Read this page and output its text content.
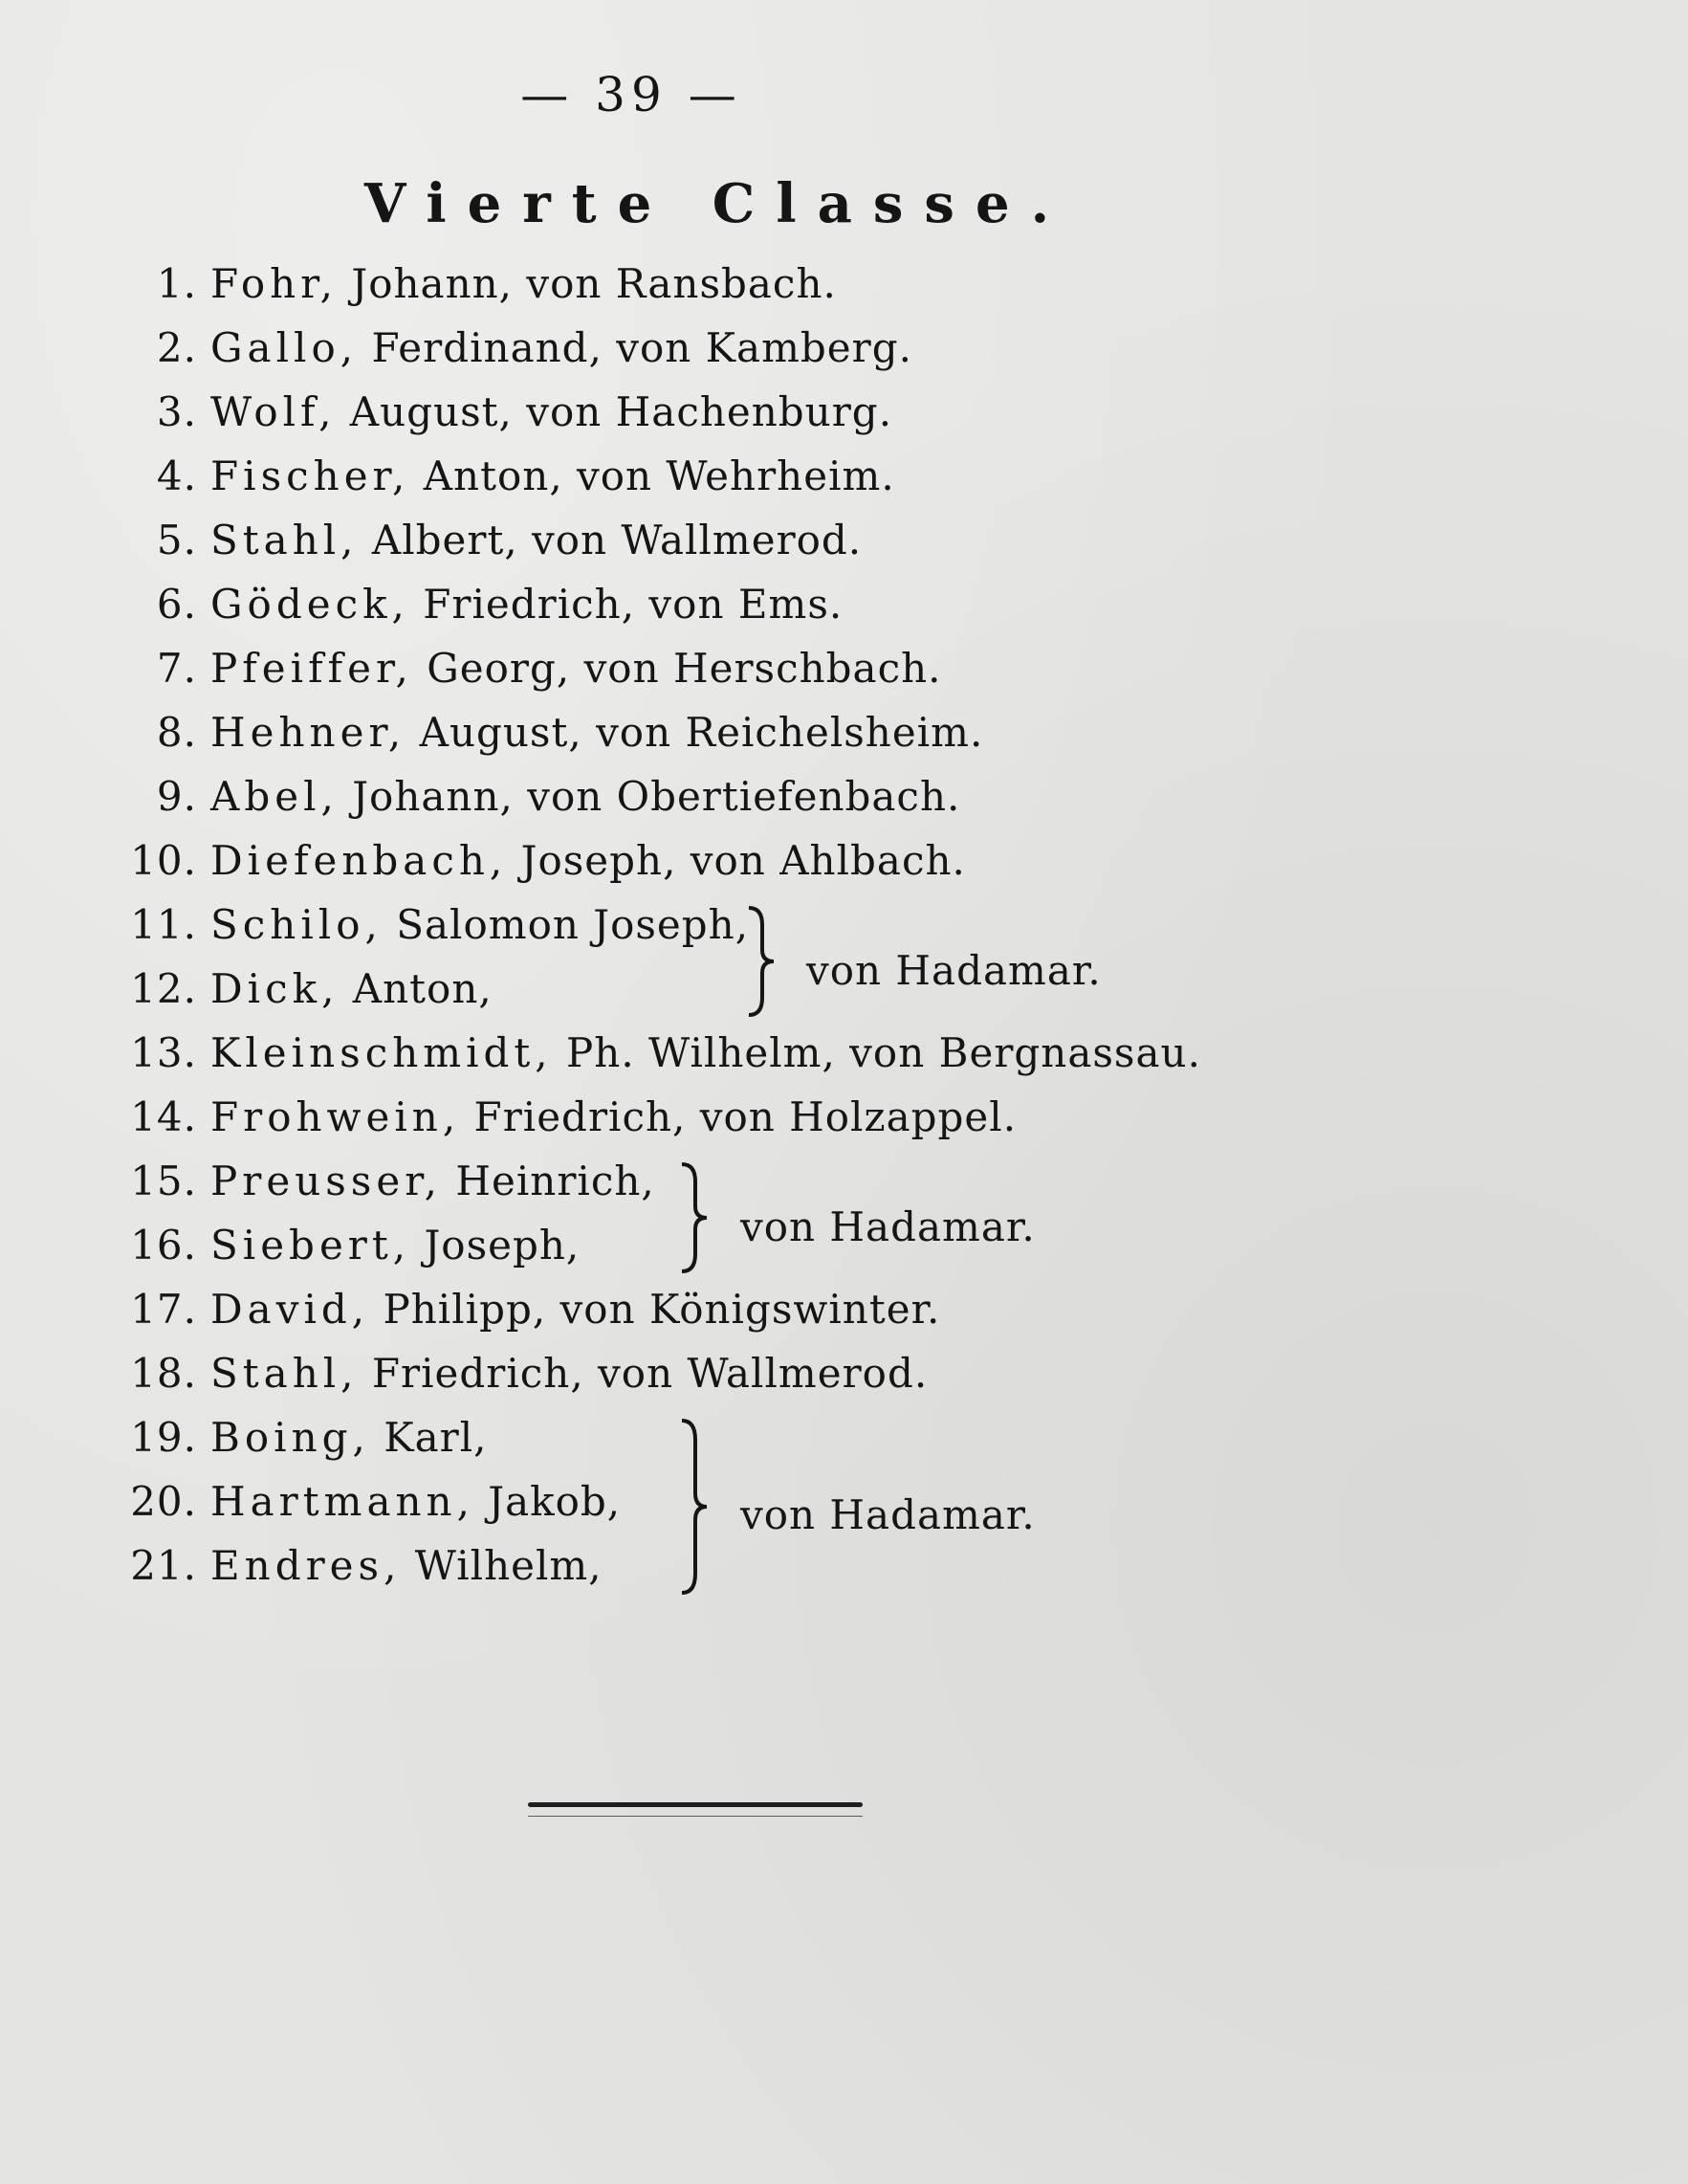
— 39 —
Vierte Classe.
1. Fohr, Johann, von Ransbach.
2. Gallo, Ferdinand, von Kamberg.
3. Wolf, August, von Hachenburg.
4. Fischer, Anton, von Wehrheim.
5. Stahl, Albert, von Wallmerod.
6. Gödeck, Friedrich, von Ems.
7. Pfeiffer, Georg, von Herschbach.
8. Hehner, August, von Reichelsheim.
9. Abel, Johann, von Obertiefenbach.
10. Diefenbach, Joseph, von Ahlbach.
11. Schilo, Salomon Joseph,
12. Dick, Anton,
13. Kleinschmidt, Ph. Wilhelm, von Bergnassau.
14. Frohwein, Friedrich, von Holzappel.
15. Preusser, Heinrich,
16. Siebert, Joseph,
17. David, Philipp, von Königswinter.
18. Stahl, Friedrich, von Wallmerod.
19. Boing, Karl,
20. Hartmann, Jakob,
21. Endres, Wilhelm,
von Hadamar.
von Hadamar.
von Hadamar.
